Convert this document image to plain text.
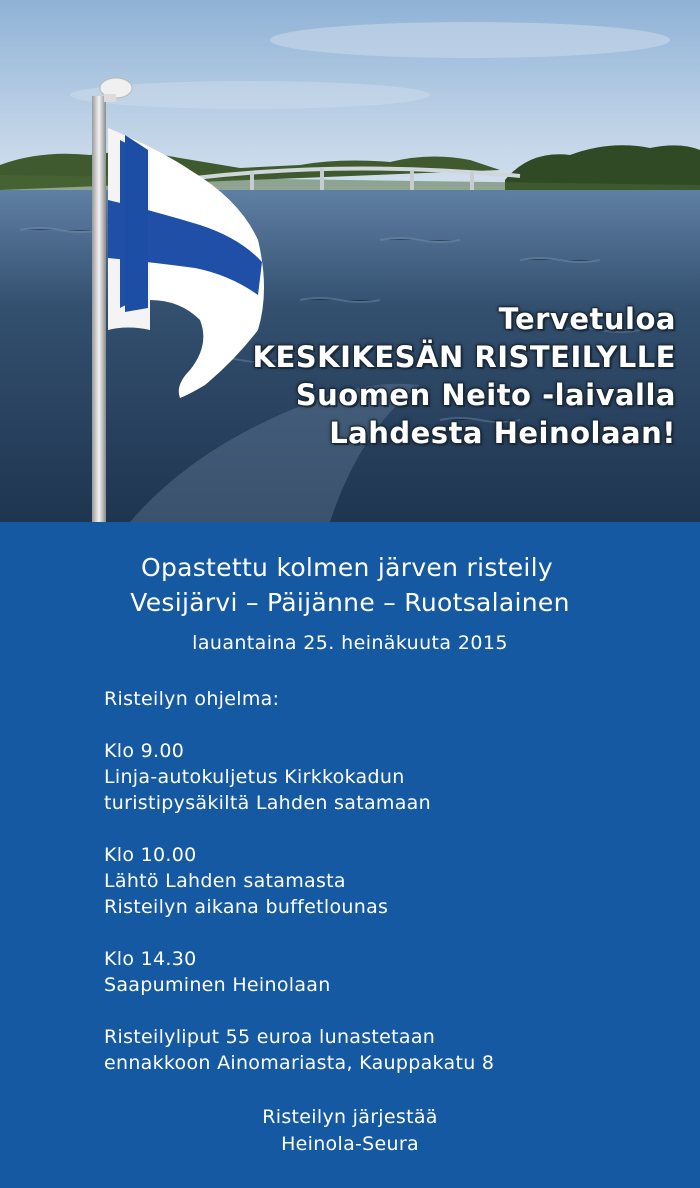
Tervetuloa
KESKIKESÄN RISTEILYLLE
Suomen Neito -laivalla
Lahdesta Heinolaan!
Opastettu kolmen järven risteily
Vesijärvi – Päijänne – Ruotsalainen
lauantaina 25. heinäkuuta 2015
Risteilyn ohjelma:
Klo 9.00
Linja-autokuljetus Kirkkokadun
turistipysäkiltä Lahden satamaan
Klo 10.00
Lähtö Lahden satamasta
Risteilyn aikana buffetlounas
Klo 14.30
Saapuminen Heinolaan
Risteilyliput 55 euroa lunastetaan
ennakkoon Ainomariasta, Kauppakatu 8
Risteilyn järjestää
Heinola-Seura
